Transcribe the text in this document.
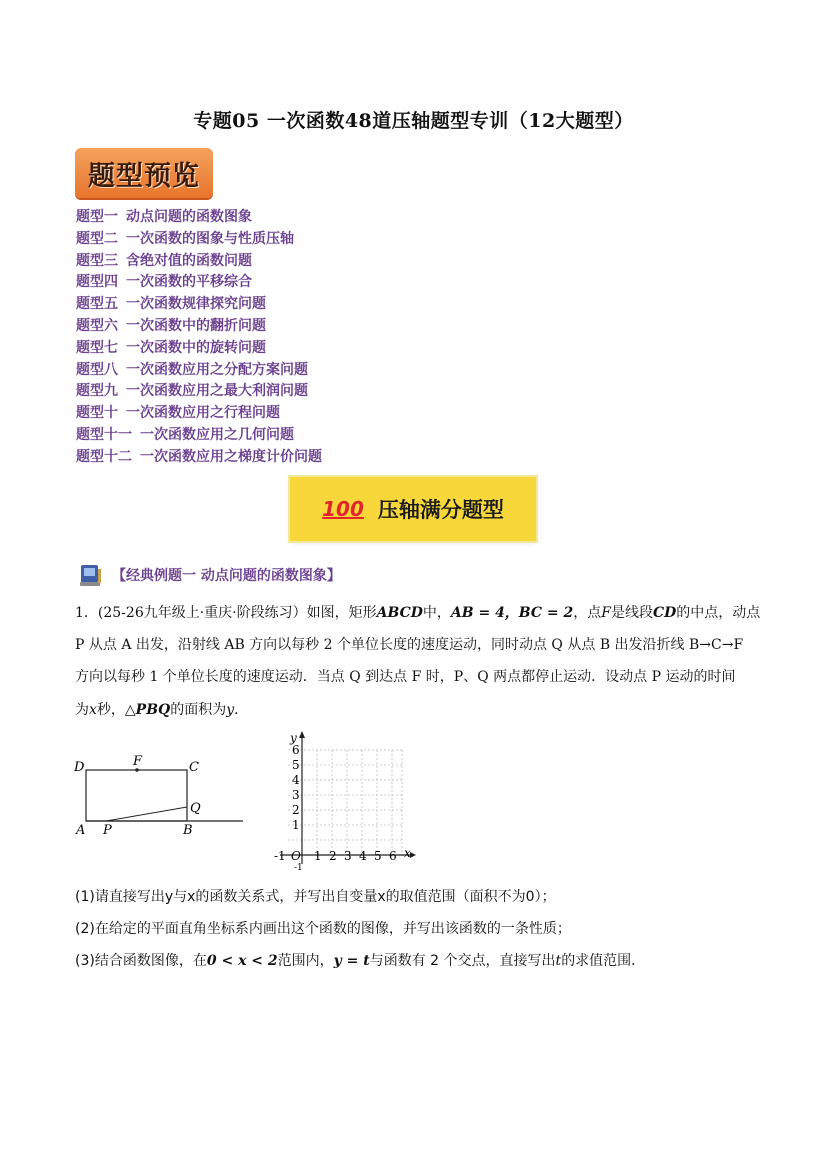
专题05 一次函数48道压轴题型专训（12大题型）
题型预览
题型一 动点问题的函数图象
题型二 一次函数的图象与性质压轴
题型三 含绝对值的函数问题
题型四 一次函数的平移综合
题型五 一次函数规律探究问题
题型六 一次函数中的翻折问题
题型七 一次函数中的旋转问题
题型八 一次函数应用之分配方案问题
题型九 一次函数应用之最大利润问题
题型十 一次函数应用之行程问题
题型十一 一次函数应用之几何问题
题型十二 一次函数应用之梯度计价问题
100 压轴满分题型
【经典例题一 动点问题的函数图象】
1．(25-26九年级上·重庆·阶段练习）如图，矩形ABCD中，AB = 4，BC = 2，点F是线段CD的中点，动点
P 从点 A 出发，沿射线 AB 方向以每秒 2 个单位长度的速度运动，同时动点 Q 从点 B 出发沿折线 B→C→F
方向以每秒 1 个单位长度的速度运动．当点 Q 到达点 F 时，P、Q 两点都停止运动．设动点 P 运动的时间
为x秒，△PBQ的面积为y．
D	F	C
Q
A P	B
y
x
6
5
4
3
2
1
-1 O
-1
1 2 3 4 5 6
(1)请直接写出y与x的函数关系式，并写出自变量x的取值范围（面积不为0）；
(2)在给定的平面直角坐标系内画出这个函数的图像，并写出该函数的一条性质；
(3)结合函数图像，在0 < x < 2范围内，y = t与函数有 2 个交点，直接写出t的求值范围．
